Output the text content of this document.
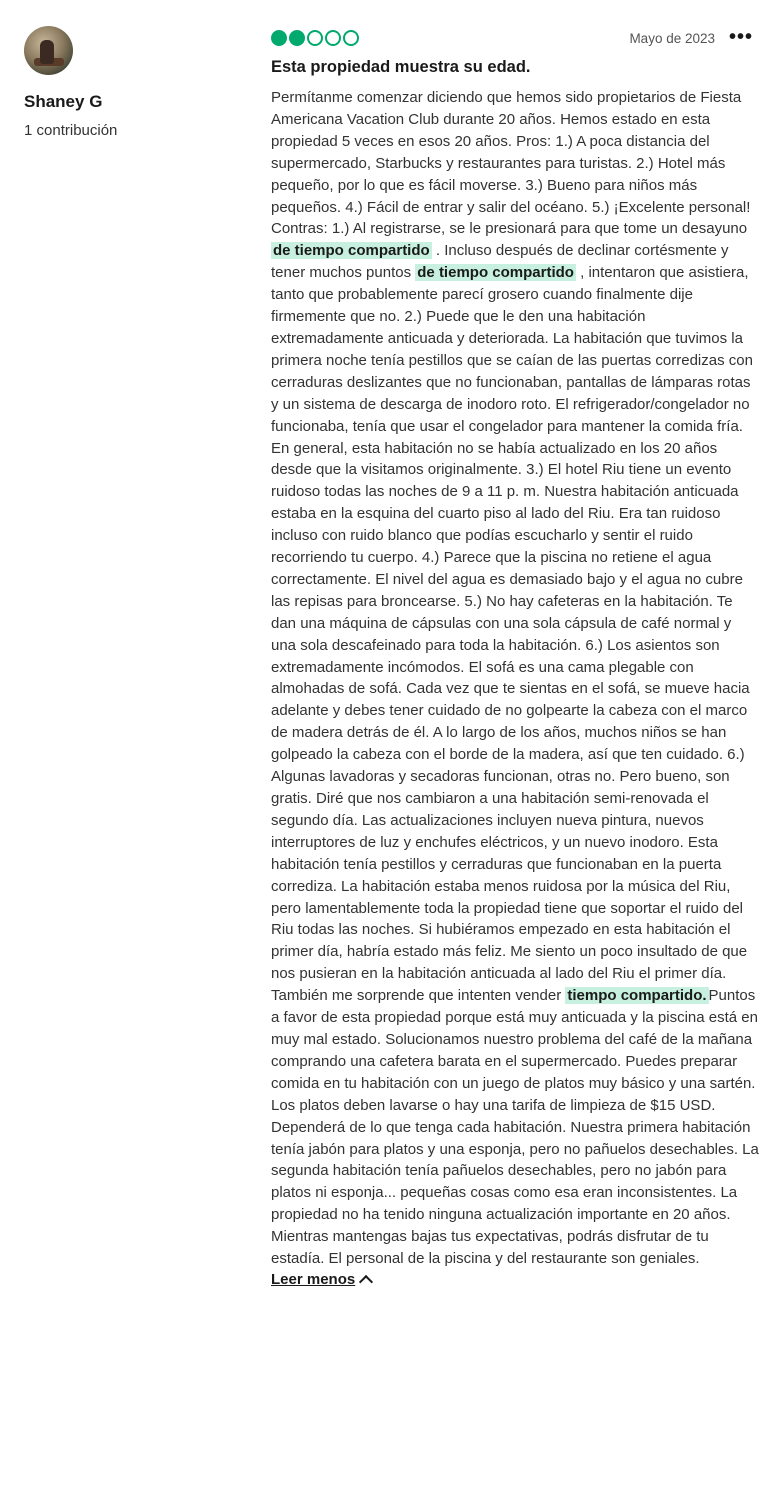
Shaney G
1 contribución
Mayo de 2023 •••
Esta propiedad muestra su edad.
Permítanme comenzar diciendo que hemos sido propietarios de Fiesta Americana Vacation Club durante 20 años. Hemos estado en esta propiedad 5 veces en esos 20 años. Pros: 1.) A poca distancia del supermercado, Starbucks y restaurantes para turistas. 2.) Hotel más pequeño, por lo que es fácil moverse. 3.) Bueno para niños más pequeños. 4.) Fácil de entrar y salir del océano. 5.) ¡Excelente personal! Contras: 1.) Al registrarse, se le presionará para que tome un desayuno de tiempo compartido . Incluso después de declinar cortésmente y tener muchos puntos de tiempo compartido , intentaron que asistiera, tanto que probablemente parecí grosero cuando finalmente dije firmemente que no. 2.) Puede que le den una habitación extremadamente anticuada y deteriorada. La habitación que tuvimos la primera noche tenía pestillos que se caían de las puertas corredizas con cerraduras deslizantes que no funcionaban, pantallas de lámparas rotas y un sistema de descarga de inodoro roto. El refrigerador/congelador no funcionaba, tenía que usar el congelador para mantener la comida fría. En general, esta habitación no se había actualizado en los 20 años desde que la visitamos originalmente. 3.) El hotel Riu tiene un evento ruidoso todas las noches de 9 a 11 p. m. Nuestra habitación anticuada estaba en la esquina del cuarto piso al lado del Riu. Era tan ruidoso incluso con ruido blanco que podías escucharlo y sentir el ruido recorriendo tu cuerpo. 4.) Parece que la piscina no retiene el agua correctamente. El nivel del agua es demasiado bajo y el agua no cubre las repisas para broncearse. 5.) No hay cafeteras en la habitación. Te dan una máquina de cápsulas con una sola cápsula de café normal y una sola descafeinado para toda la habitación. 6.) Los asientos son extremadamente incómodos. El sofá es una cama plegable con almohadas de sofá. Cada vez que te sientas en el sofá, se mueve hacia adelante y debes tener cuidado de no golpearte la cabeza con el marco de madera detrás de él. A lo largo de los años, muchos niños se han golpeado la cabeza con el borde de la madera, así que ten cuidado. 6.) Algunas lavadoras y secadoras funcionan, otras no. Pero bueno, son gratis. Diré que nos cambiaron a una habitación semi-renovada el segundo día. Las actualizaciones incluyen nueva pintura, nuevos interruptores de luz y enchufes eléctricos, y un nuevo inodoro. Esta habitación tenía pestillos y cerraduras que funcionaban en la puerta corrediza. La habitación estaba menos ruidosa por la música del Riu, pero lamentablemente toda la propiedad tiene que soportar el ruido del Riu todas las noches. Si hubiéramos empezado en esta habitación el primer día, habría estado más feliz. Me siento un poco insultado de que nos pusieran en la habitación anticuada al lado del Riu el primer día. También me sorprende que intenten vender tiempo compartido. Puntos a favor de esta propiedad porque está muy anticuada y la piscina está en muy mal estado. Solucionamos nuestro problema del café de la mañana comprando una cafetera barata en el supermercado. Puedes preparar comida en tu habitación con un juego de platos muy básico y una sartén. Los platos deben lavarse o hay una tarifa de limpieza de $15 USD. Dependerá de lo que tenga cada habitación. Nuestra primera habitación tenía jabón para platos y una esponja, pero no pañuelos desechables. La segunda habitación tenía pañuelos desechables, pero no jabón para platos ni esponja... pequeñas cosas como esa eran inconsistentes. La propiedad no ha tenido ninguna actualización importante en 20 años. Mientras mantengas bajas tus expectativas, podrás disfrutar de tu estadía. El personal de la piscina y del restaurante son geniales.
Leer menos
